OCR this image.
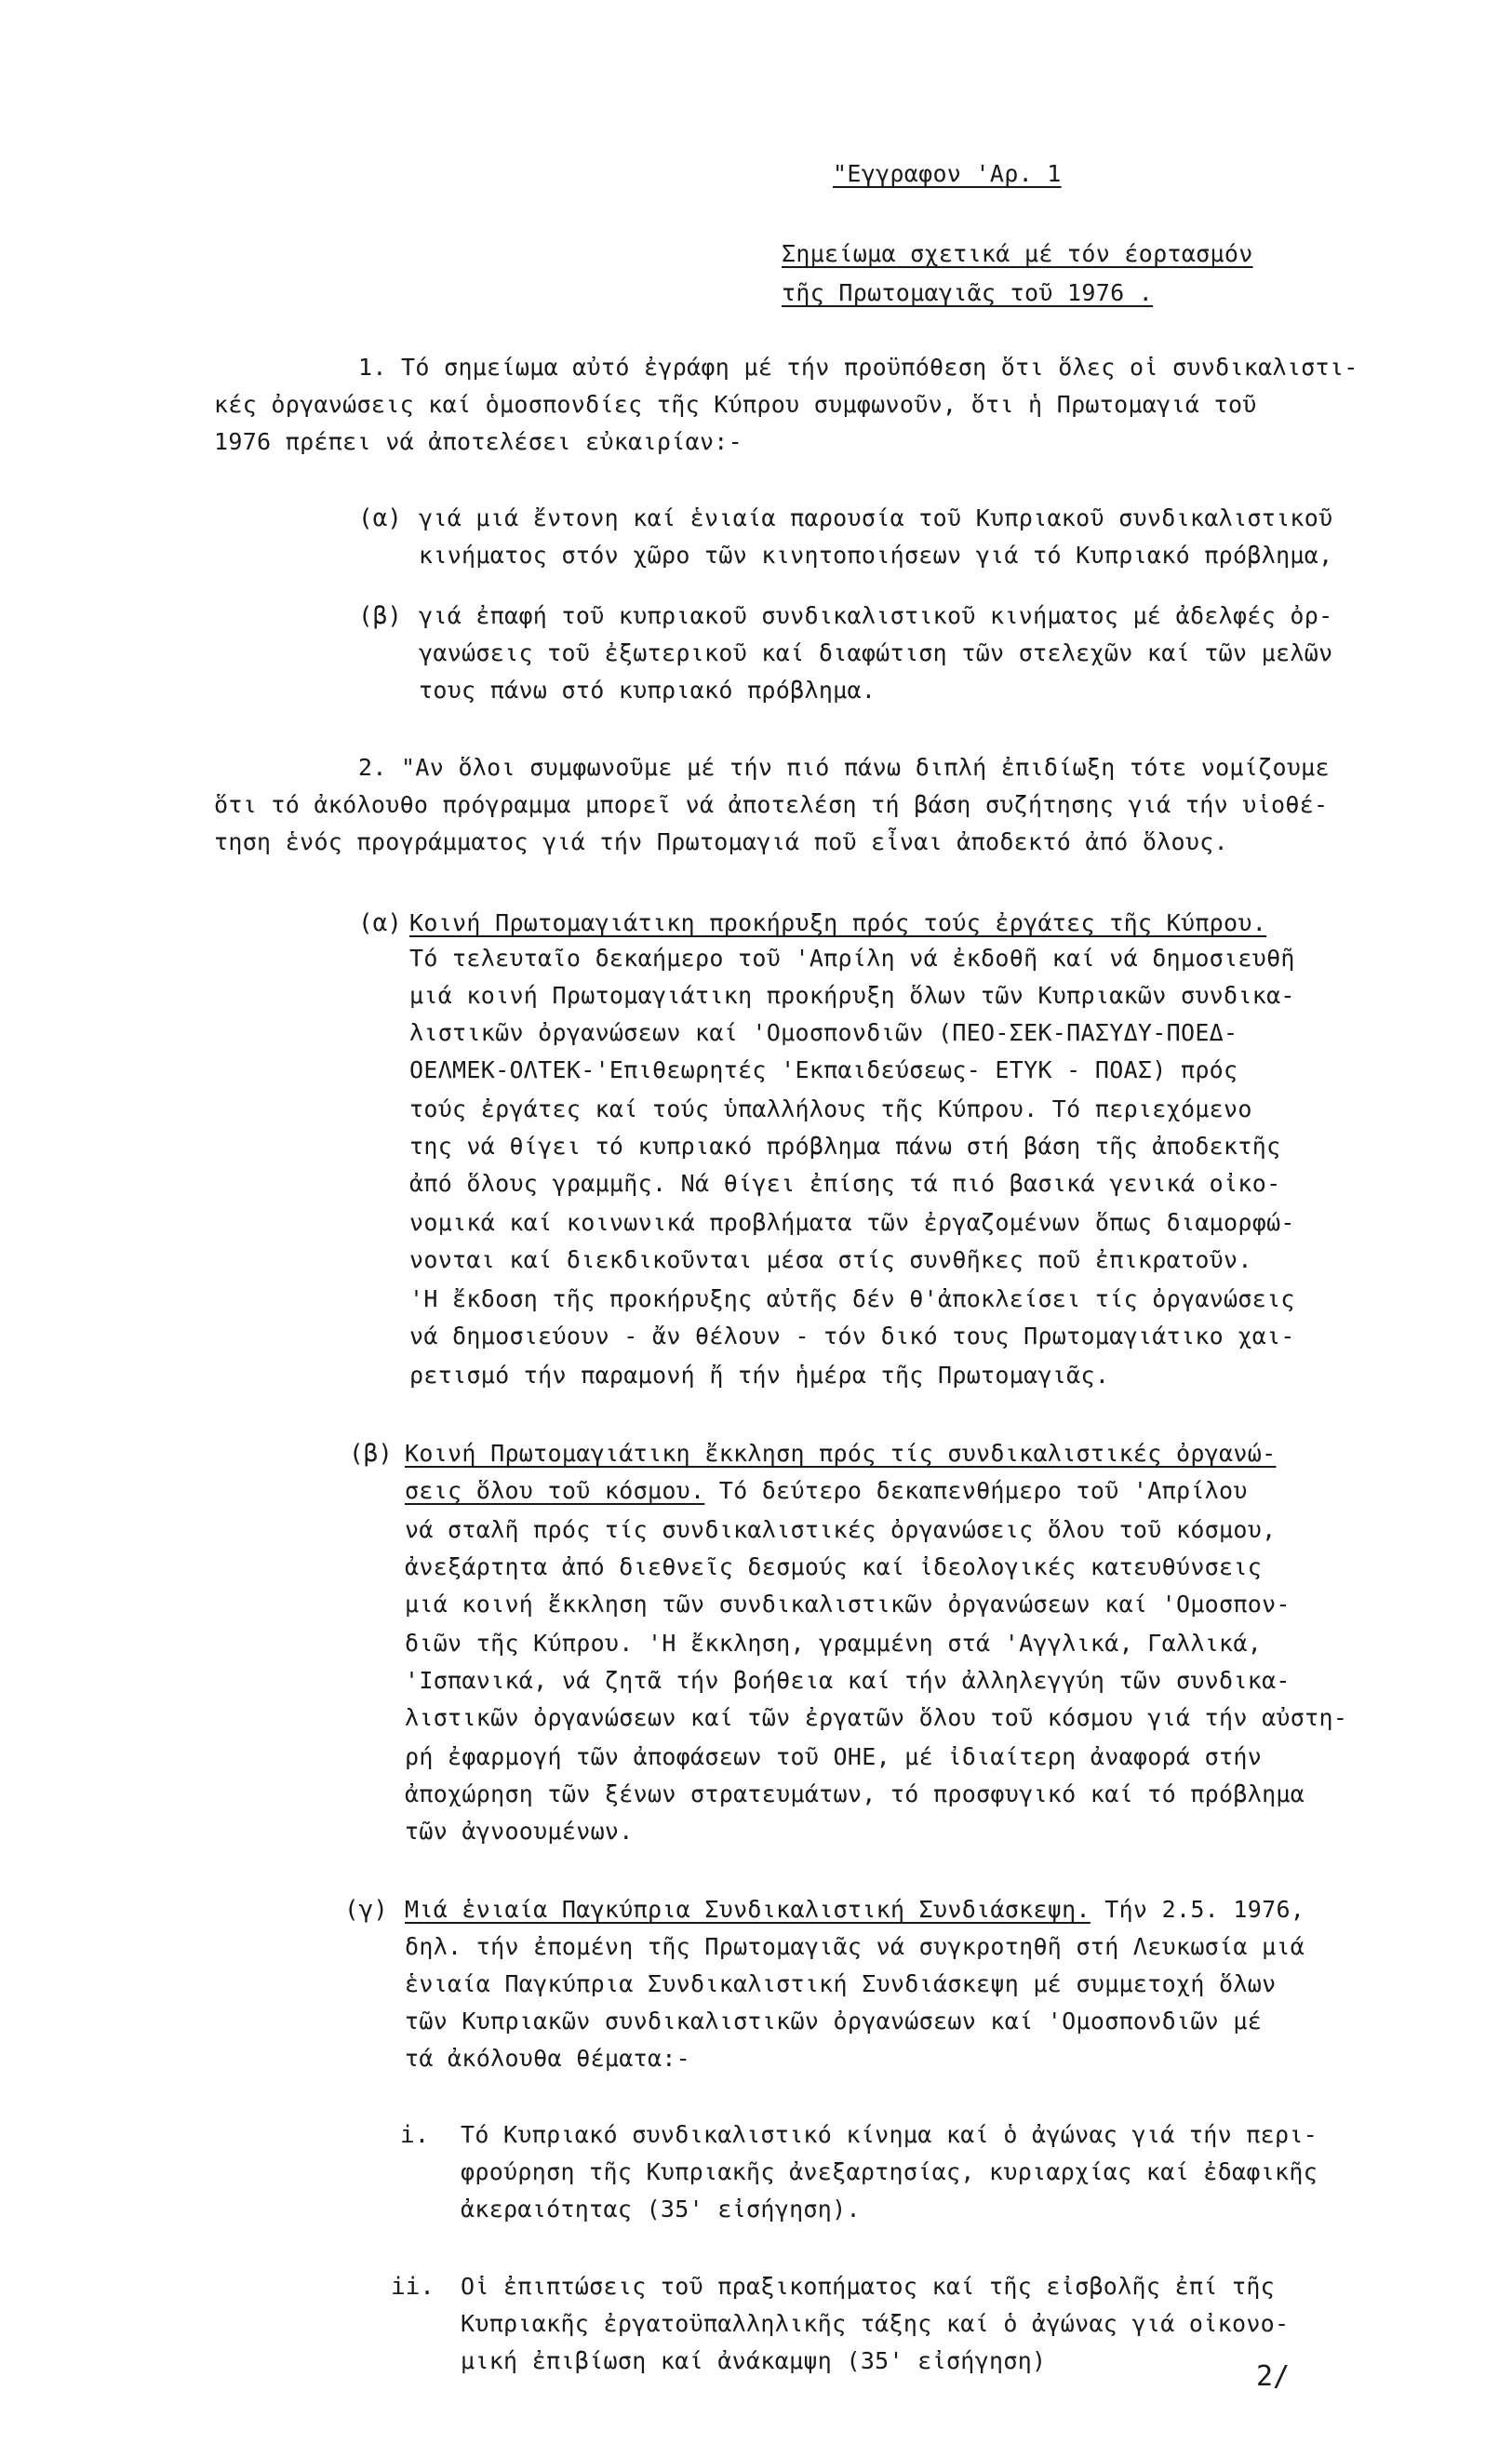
"Εγγραφον 'Αρ. 1

Σημείωμα σχετικά μέ τόν έορτασμόν

τῆς Πρωτομαγιᾶς τοῦ 1976 .

1. Τό σημείωμα αὐτό ἐγράφη μέ τήν προϋπόθεση ὅτι ὅλες οἱ συνδικαλιστι-

κές ὀργανώσεις καί ὁμοσπονδίες τῆς Κύπρου συμφωνοῦν, ὅτι ἡ Πρωτομαγιά τοῦ

1976 πρέπει νά ἀποτελέσει εὐκαιρίαν:-

(α) γιά μιά ἔντονη καί ἑνιαία παρουσία τοῦ Κυπριακοῦ συνδικαλιστικοῦ

κινήματος στόν χῶρο τῶν κινητοποιήσεων γιά τό Κυπριακό πρόβλημα,

(β) γιά ἐπαφή τοῦ κυπριακοῦ συνδικαλιστικοῦ κινήματος μέ ἀδελφές ὀρ-

γανώσεις τοῦ ἐξωτερικοῦ καί διαφώτιση τῶν στελεχῶν καί τῶν μελῶν

τους πάνω στό κυπριακό πρόβλημα.

2. "Αν ὅλοι συμφωνοῦμε μέ τήν πιό πάνω διπλή ἐπιδίωξη τότε νομίζουμε

ὅτι τό ἀκόλουθο πρόγραμμα μπορεῖ νά ἀποτελέση τή βάση συζήτησης γιά τήν υἱοθέ-

τηση ἑνός προγράμματος γιά τήν Πρωτομαγιά ποῦ εἶναι ἀποδεκτό ἀπό ὅλους.

(α) Κοινή Πρωτομαγιάτικη προκήρυξη πρός τούς ἐργάτες τῆς Κύπρου.

Τό τελευταῖο δεκαήμερο τοῦ 'Απρίλη νά ἐκδοθῆ καί νά δημοσιευθῆ

μιά κοινή Πρωτομαγιάτικη προκήρυξη ὅλων τῶν Κυπριακῶν συνδικα-

λιστικῶν ὀργανώσεων καί 'Ομοσπονδιῶν (ΠΕΟ-ΣΕΚ-ΠΑΣΥΔΥ-ΠΟΕΔ-

ΟΕΛΜΕΚ-ΟΛΤΕΚ-'Επιθεωρητές 'Εκπαιδεύσεως- ΕΤΥΚ - ΠΟΑΣ) πρός

τούς ἐργάτες καί τούς ὑπαλλήλους τῆς Κύπρου. Τό περιεχόμενο

της νά θίγει τό κυπριακό πρόβλημα πάνω στή βάση τῆς ἀποδεκτῆς

ἀπό ὅλους γραμμῆς. Νά θίγει ἐπίσης τά πιό βασικά γενικά οἰκο-

νομικά καί κοινωνικά προβλήματα τῶν ἐργαζομένων ὅπως διαμορφώ-

νονται καί διεκδικοῦνται μέσα στίς συνθῆκες ποῦ ἐπικρατοῦν.

'Η ἔκδοση τῆς προκήρυξης αὐτῆς δέν θ'ἀποκλείσει τίς ὀργανώσεις

νά δημοσιεύουν - ἄν θέλουν - τόν δικό τους Πρωτομαγιάτικο χαι-

ρετισμό τήν παραμονή ἤ τήν ἡμέρα τῆς Πρωτομαγιᾶς.

(β) Κοινή Πρωτομαγιάτικη ἔκκληση πρός τίς συνδικαλιστικές ὀργανώ-

σεις ὅλου τοῦ κόσμου. Τό δεύτερο δεκαπενθήμερο τοῦ 'Απρίλου

νά σταλῆ πρός τίς συνδικαλιστικές ὀργανώσεις ὅλου τοῦ κόσμου,

ἀνεξάρτητα ἀπό διεθνεῖς δεσμούς καί ἰδεολογικές κατευθύνσεις

μιά κοινή ἔκκληση τῶν συνδικαλιστικῶν ὀργανώσεων καί 'Ομοσπον-

διῶν τῆς Κύπρου. 'Η ἔκκληση, γραμμένη στά 'Αγγλικά, Γαλλικά,

'Ισπανικά, νά ζητᾶ τήν βοήθεια καί τήν ἀλληλεγγύη τῶν συνδικα-

λιστικῶν ὀργανώσεων καί τῶν ἐργατῶν ὅλου τοῦ κόσμου γιά τήν αὐστη-

ρή ἐφαρμογή τῶν ἀποφάσεων τοῦ ΟΗΕ, μέ ἰδιαίτερη ἀναφορά στήν

ἀποχώρηση τῶν ξένων στρατευμάτων, τό προσφυγικό καί τό πρόβλημα

τῶν ἀγνοουμένων.

(γ) Μιά ἑνιαία Παγκύπρια Συνδικαλιστική Συνδιάσκεψη. Τήν 2.5. 1976,

δηλ. τήν ἐπομένη τῆς Πρωτομαγιᾶς νά συγκροτηθῆ στή Λευκωσία μιά

ἑνιαία Παγκύπρια Συνδικαλιστική Συνδιάσκεψη μέ συμμετοχή ὅλων

τῶν Κυπριακῶν συνδικαλιστικῶν ὀργανώσεων καί 'Ομοσπονδιῶν μέ

τά ἀκόλουθα θέματα:-

i. Τό Κυπριακό συνδικαλιστικό κίνημα καί ὁ ἀγώνας γιά τήν περι-

φρούρηση τῆς Κυπριακῆς ἀνεξαρτησίας, κυριαρχίας καί ἐδαφικῆς

ἀκεραιότητας (35' εἰσήγηση).

ii. Οἱ ἐπιπτώσεις τοῦ πραξικοπήματος καί τῆς εἰσβολῆς ἐπί τῆς

Κυπριακῆς ἐργατοϋπαλληλικῆς τάξης καί ὁ ἀγώνας γιά οἰκονο-

μική ἐπιβίωση καί ἀνάκαμψη (35' εἰσήγηση)	2/
